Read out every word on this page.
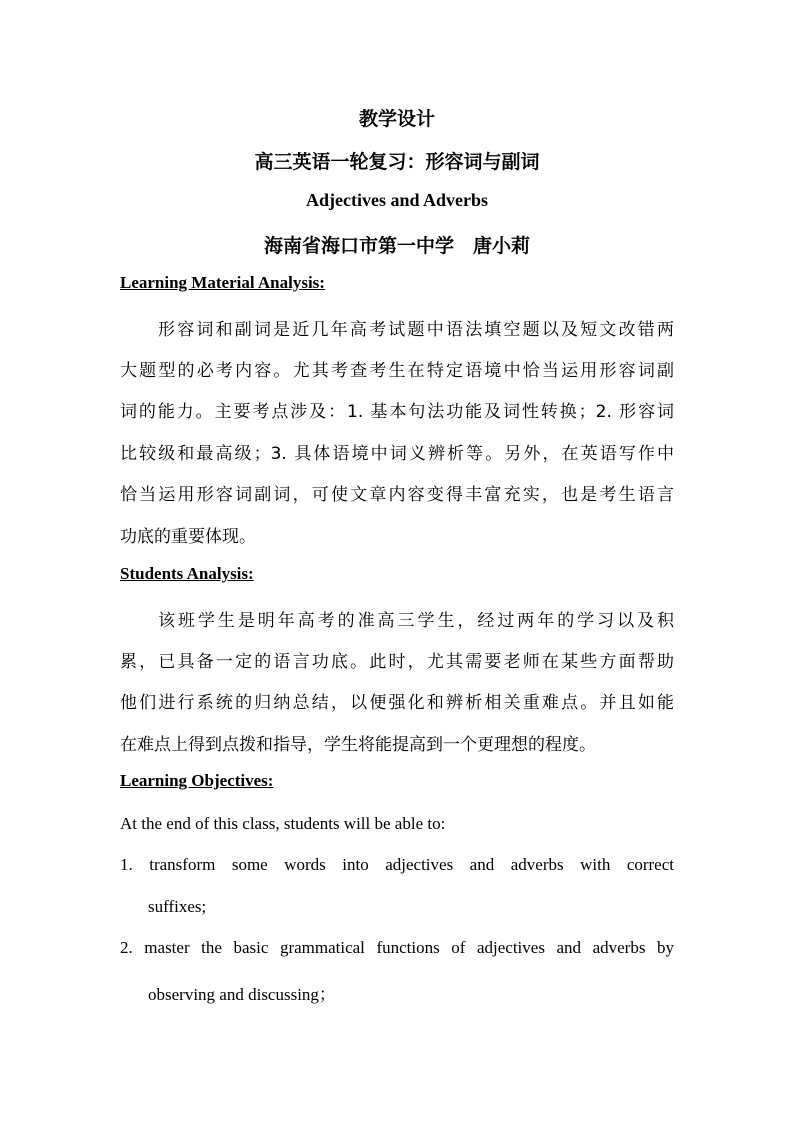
教学设计
高三英语一轮复习：形容词与副词
Adjectives and Adverbs
海南省海口市第一中学　唐小莉
Learning Material Analysis:
形容词和副词是近几年高考试题中语法填空题以及短文改错两
大题型的必考内容。尤其考查考生在特定语境中恰当运用形容词副
词的能力。主要考点涉及：1. 基本句法功能及词性转换；2. 形容词
比较级和最高级；3. 具体语境中词义辨析等。另外，在英语写作中
恰当运用形容词副词，可使文章内容变得丰富充实，也是考生语言
功底的重要体现。
Students Analysis:
该班学生是明年高考的准高三学生，经过两年的学习以及积
累，已具备一定的语言功底。此时，尤其需要老师在某些方面帮助
他们进行系统的归纳总结，以便强化和辨析相关重难点。并且如能
在难点上得到点拨和指导，学生将能提高到一个更理想的程度。
Learning Objectives:
At the end of this class, students will be able to:
1. transform some words into adjectives and adverbs with correct
suffixes;
2. master the basic grammatical functions of adjectives and adverbs by
observing and discussing；
